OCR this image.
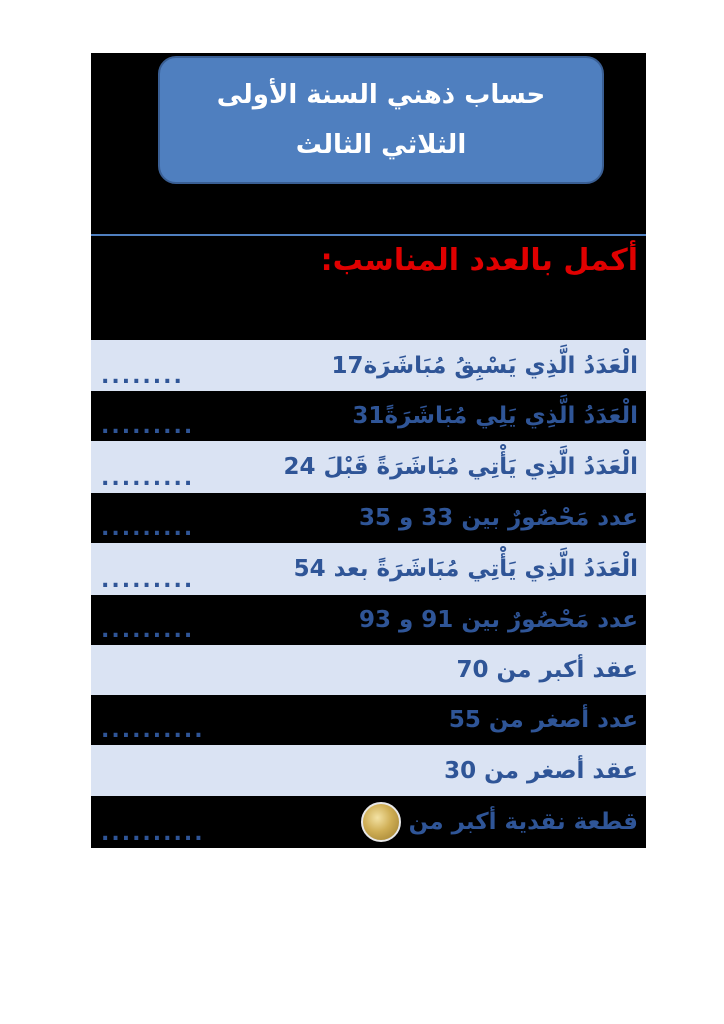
حساب ذهني السنة الأولى
الثلاثي الثالث
أكمل بالعدد المناسب:
........	الْعَدَدُ الَّذِي يَسْبِقُ مُبَاشَرَة17
.........	الْعَدَدُ الَّذِي يَلِي مُبَاشَرَةً31
.........	الْعَدَدُ الَّذِي يَأْتِي مُبَاشَرَةً قَبْلَ 24
.........	عدد مَحْصُورٌ بين 33 و 35
.........	الْعَدَدُ الَّذِي يَأْتِي مُبَاشَرَةً بعد 54
.........	عدد مَحْصُورٌ بين 91 و 93
عقد أكبر من 70
..........	عدد أصغر من 55
عقد أصغر من 30
..........	قطعة نقدية أكبر من
